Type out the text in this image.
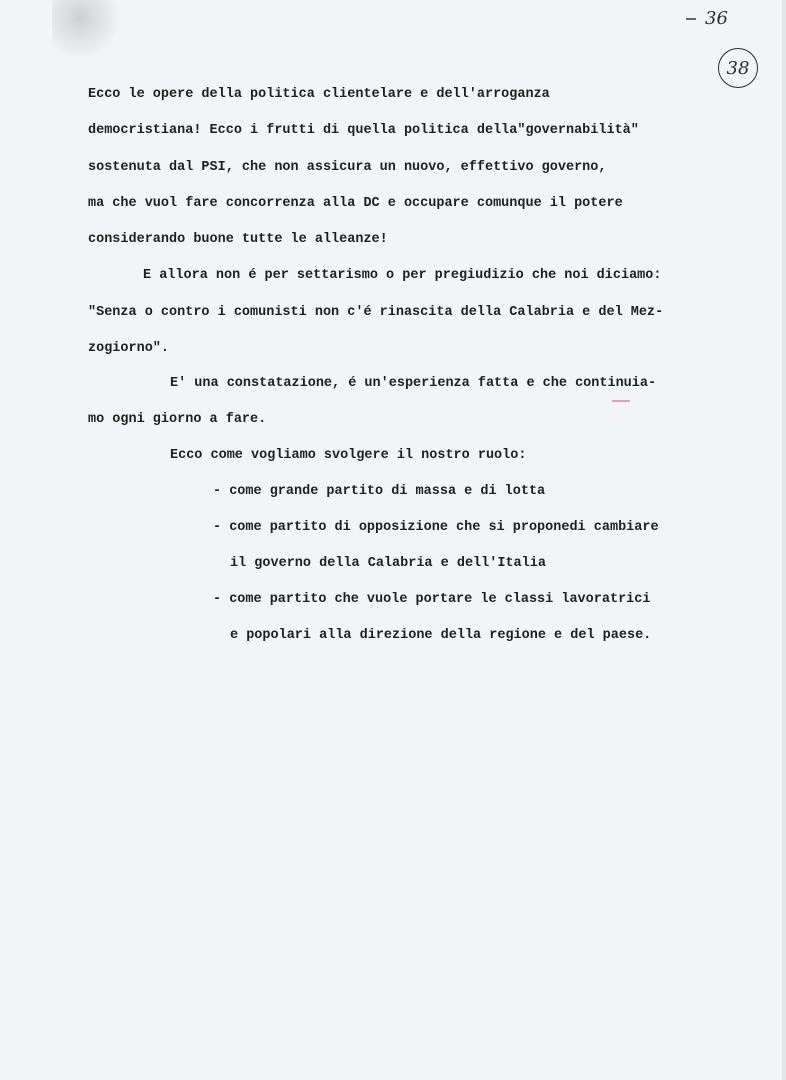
36
38
Ecco le opere della politica clientelare e dell'arroganza
democristiana! Ecco i frutti di quella politica della"governabilità"
sostenuta dal PSI, che non assicura un nuovo, effettivo governo,
ma che vuol fare concorrenza alla DC e occupare comunque il potere
considerando buone tutte le alleanze!
E allora non é per settarismo o per pregiudizio che noi diciamo:
"Senza o contro i comunisti non c'é rinascita della Calabria e del Mez-
zogiorno".
E' una constatazione, é un'esperienza fatta e che continuia-
mo ogni giorno a fare.
Ecco come vogliamo svolgere il nostro ruolo:
- come grande partito di massa e di lotta
- come partito di opposizione che si proponedi cambiare
il governo della Calabria e dell'Italia
- come partito che vuole portare le classi lavoratrici
e popolari alla direzione della regione e del paese.
